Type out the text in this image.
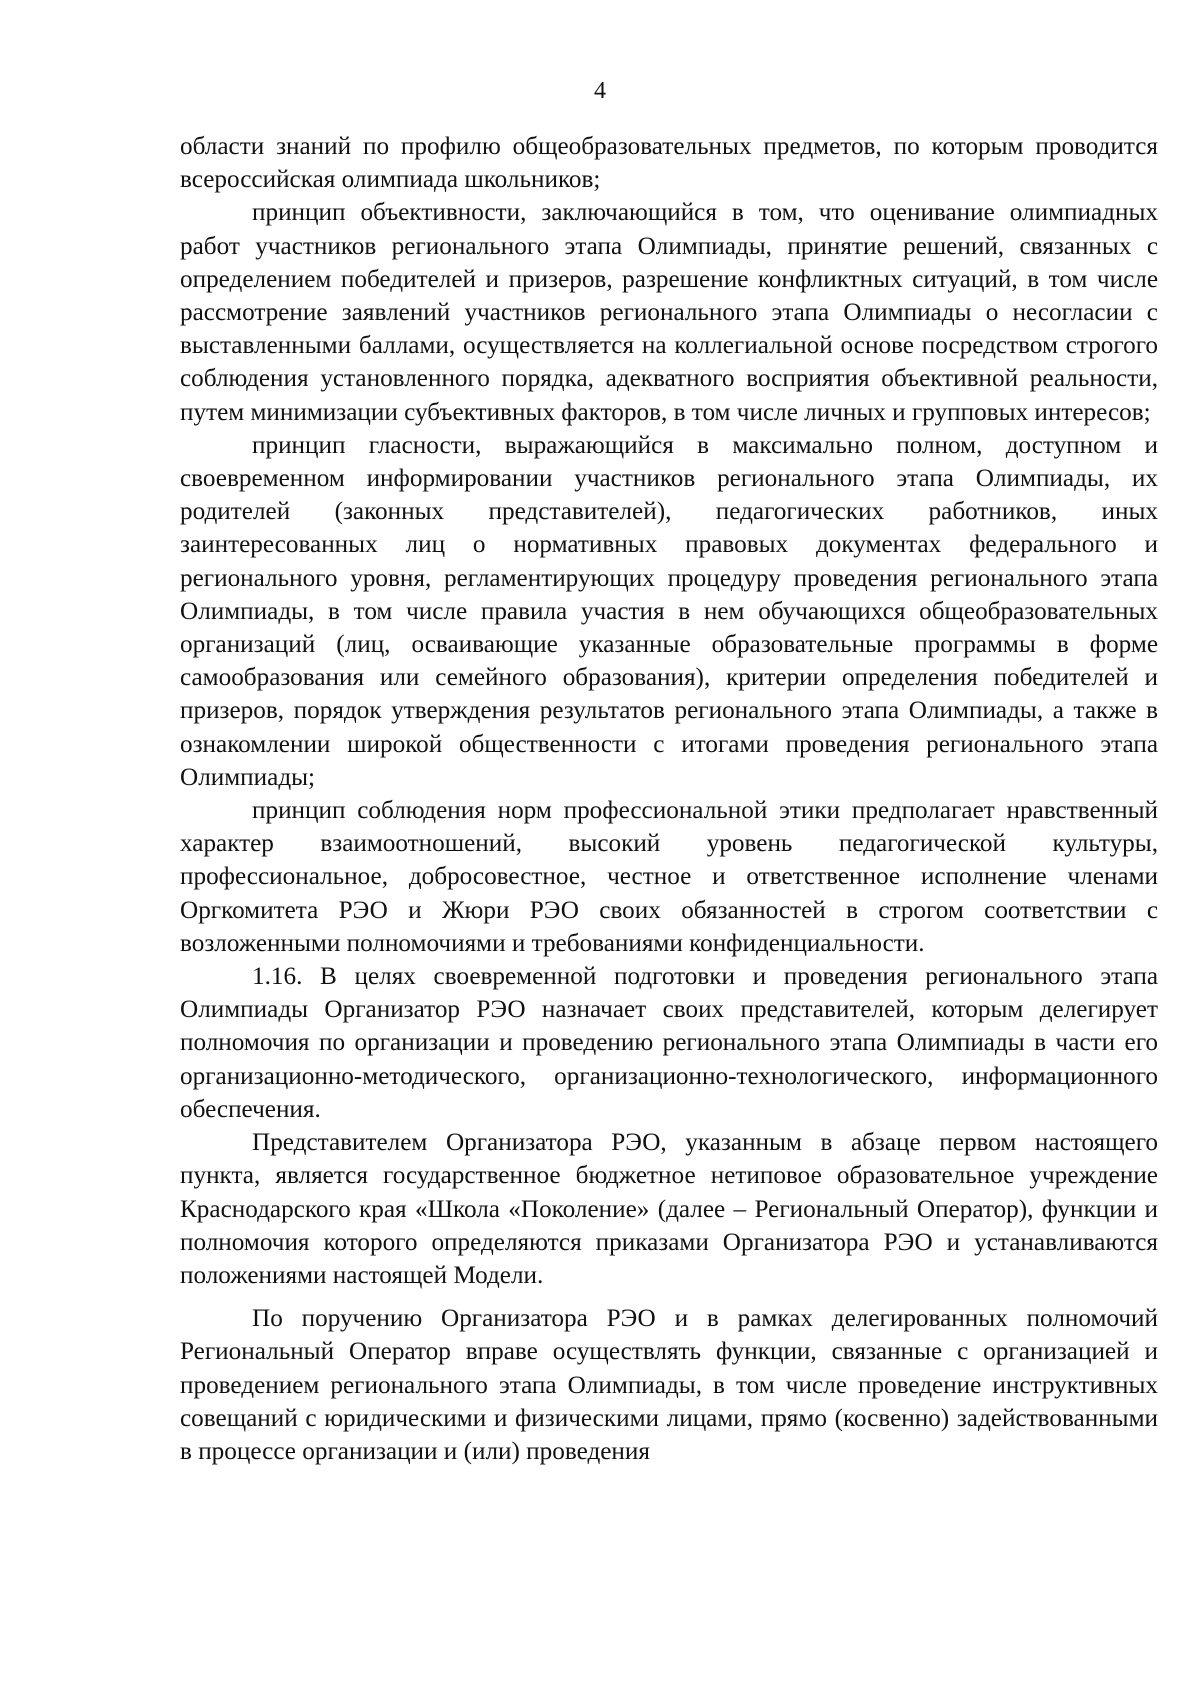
4

области знаний по профилю общеобразовательных предметов, по которым проводится всероссийская олимпиада школьников;

принцип объективности, заключающийся в том, что оценивание олимпиадных работ участников регионального этапа Олимпиады, принятие решений, связанных с определением победителей и призеров, разрешение конфликтных ситуаций, в том числе рассмотрение заявлений участников регионального этапа Олимпиады о несогласии с выставленными баллами, осуществляется на коллегиальной основе посредством строгого соблюдения установленного порядка, адекватного восприятия объективной реальности, путем минимизации субъективных факторов, в том числе личных и групповых интересов;

принцип гласности, выражающийся в максимально полном, доступном и своевременном информировании участников регионального этапа Олимпиады, их родителей (законных представителей), педагогических работников, иных заинтересованных лиц о нормативных правовых документах федерального и регионального уровня, регламентирующих процедуру проведения регионального этапа Олимпиады, в том числе правила участия в нем обучающихся общеобразовательных организаций (лиц, осваивающие указанные образовательные программы в форме самообразования или семейного образования), критерии определения победителей и призеров, порядок утверждения результатов регионального этапа Олимпиады, а также в ознакомлении широкой общественности с итогами проведения регионального этапа Олимпиады;

принцип соблюдения норм профессиональной этики предполагает нравственный характер взаимоотношений, высокий уровень педагогической культуры, профессиональное, добросовестное, честное и ответственное исполнение членами Оргкомитета РЭО и Жюри РЭО своих обязанностей в строгом соответствии с возложенными полномочиями и требованиями конфиденциальности.

1.16. В целях своевременной подготовки и проведения регионального этапа Олимпиады Организатор РЭО назначает своих представителей, которым делегирует полномочия по организации и проведению регионального этапа Олимпиады в части его организационно-методического, организационно-технологического, информационного обеспечения.

Представителем Организатора РЭО, указанным в абзаце первом настоящего пункта, является государственное бюджетное нетиповое образовательное учреждение Краснодарского края «Школа «Поколение» (далее – Региональный Оператор), функции и полномочия которого определяются приказами Организатора РЭО и устанавливаются положениями настоящей Модели.

По поручению Организатора РЭО и в рамках делегированных полномочий Региональный Оператор вправе осуществлять функции, связанные с организацией и проведением регионального этапа Олимпиады, в том числе проведение инструктивных совещаний с юридическими и физическими лицами, прямо (косвенно) задействованными в процессе организации и (или) проведения
